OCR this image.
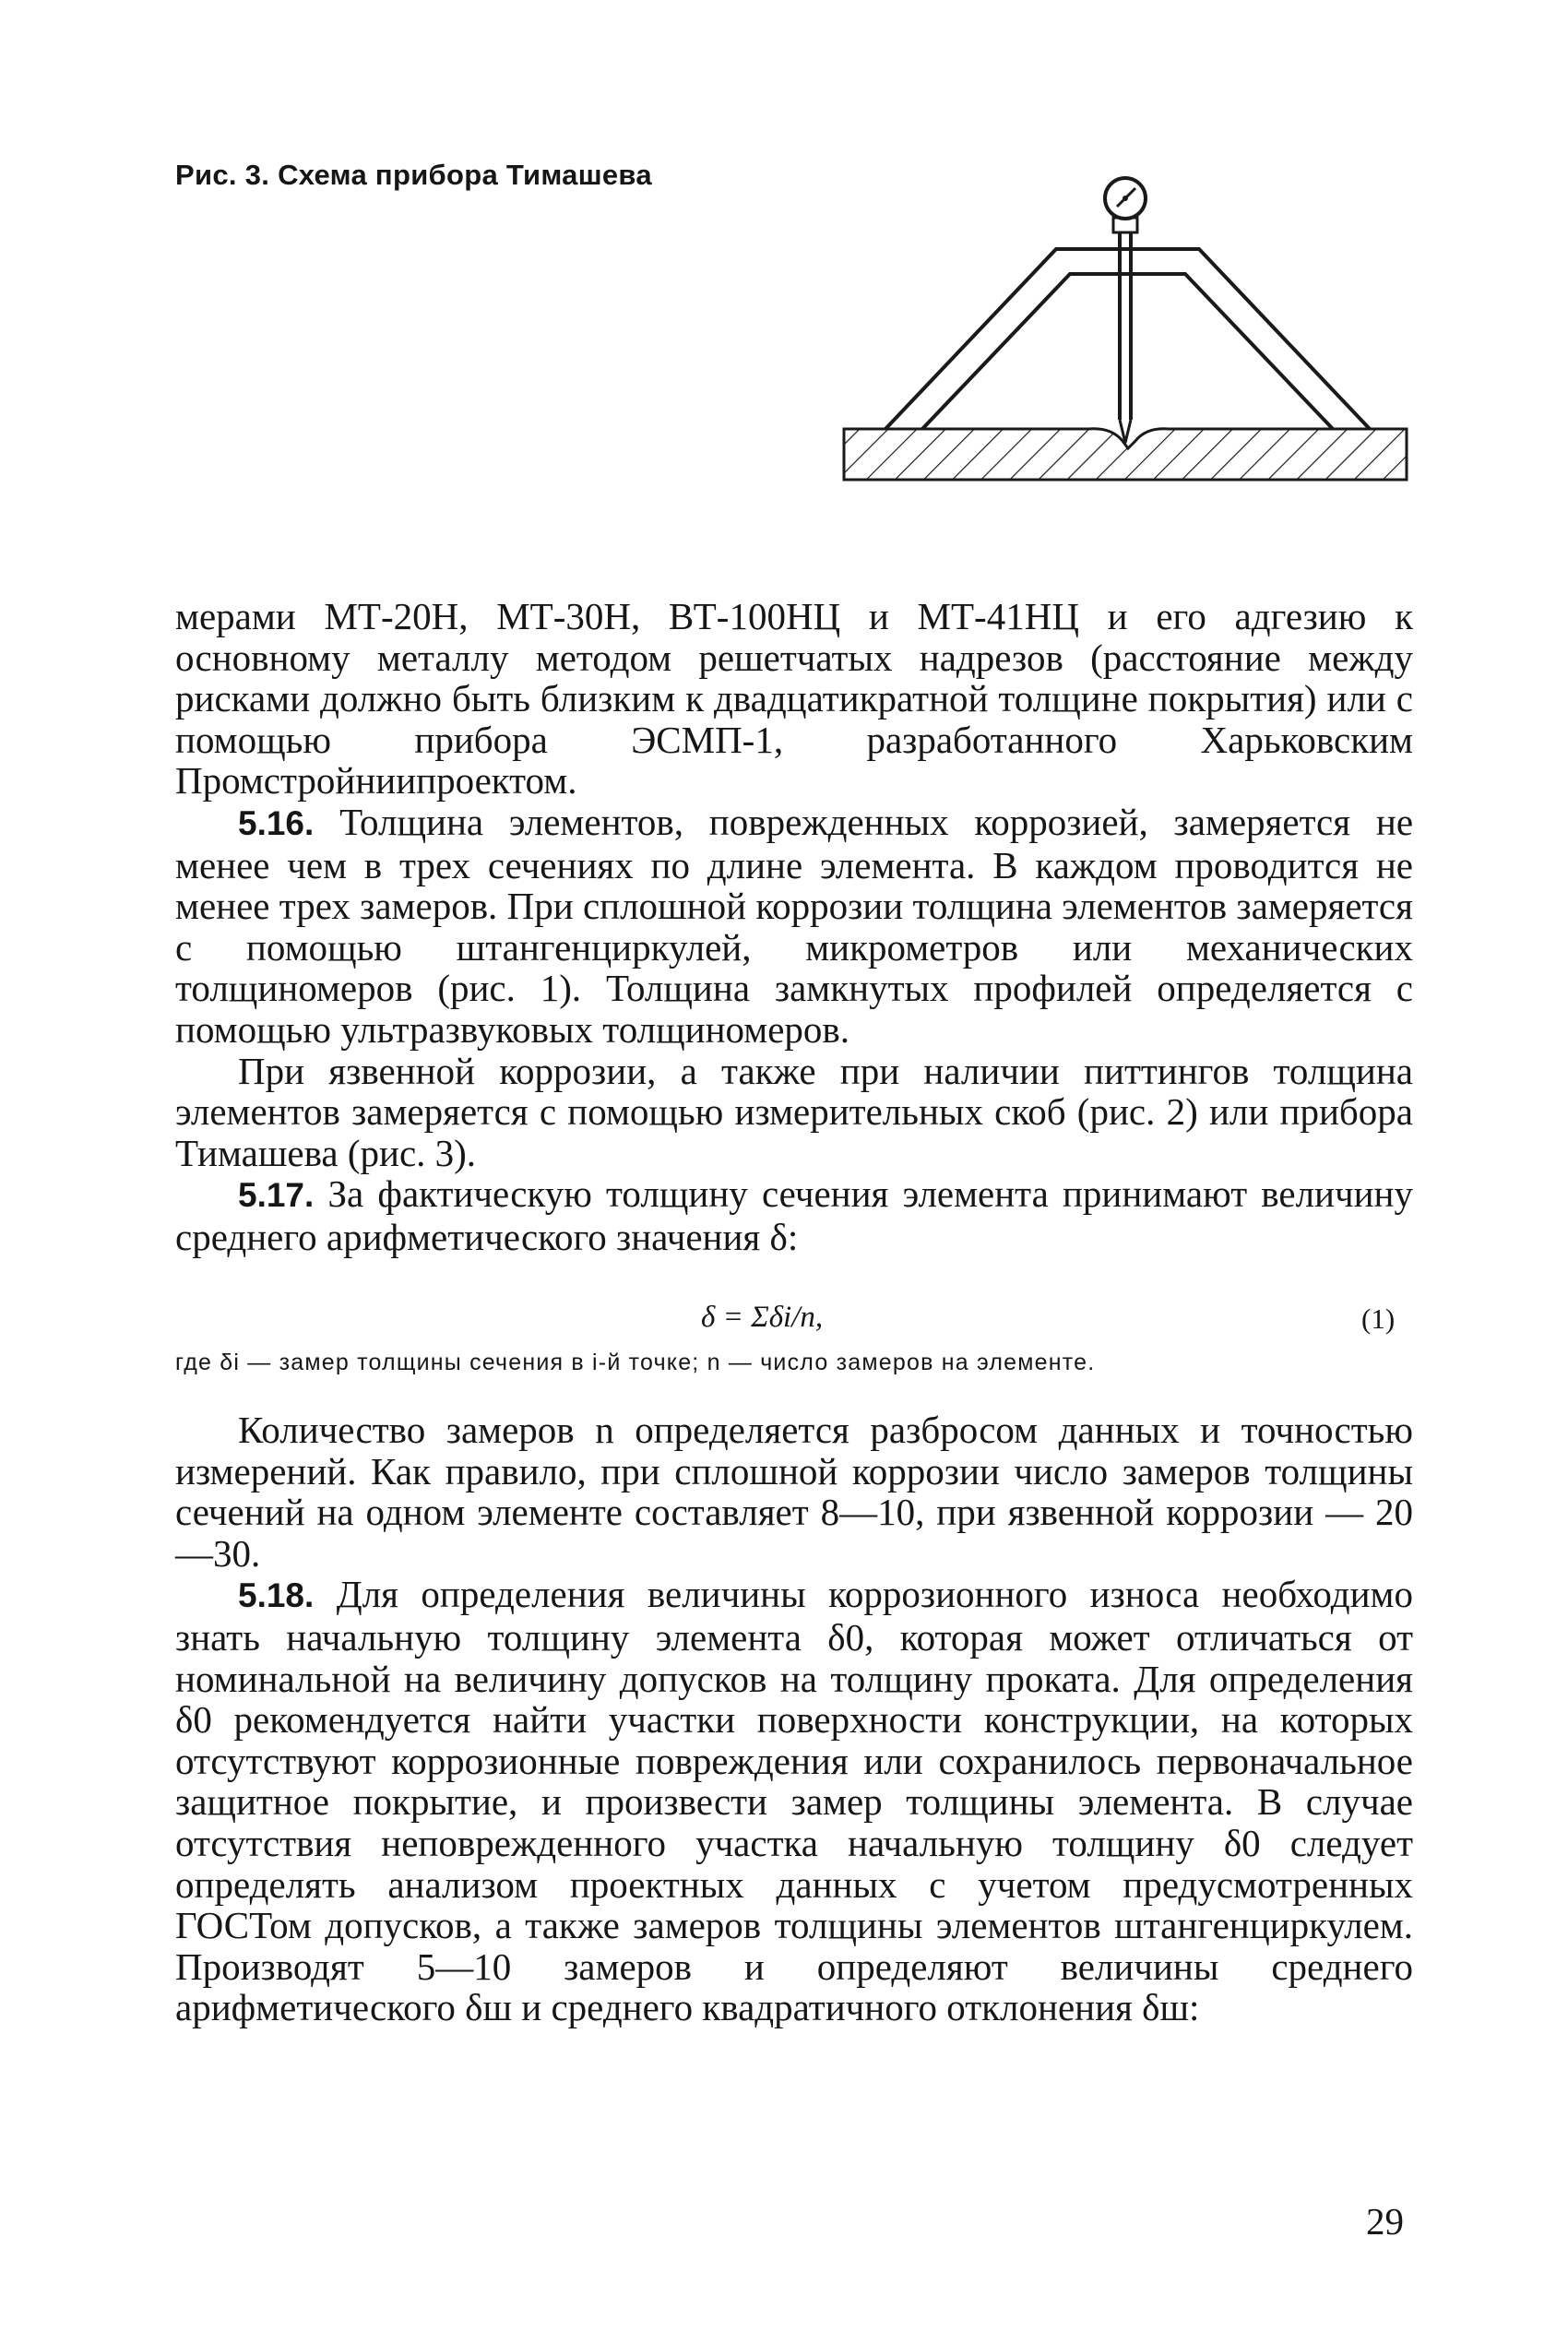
Рис. 3. Схема прибора Тимашева

мерами МТ-20Н, МТ-30Н, ВТ-100НЦ и МТ-41НЦ и его адгезию к основному металлу методом решетчатых надрезов (расстояние между рисками должно быть близким к двадцатикратной толщине покрытия) или с помощью прибора ЭСМП-1, разработанного Харьковским Промстройниипроектом.

5.16. Толщина элементов, поврежденных коррозией, замеряется не менее чем в трех сечениях по длине элемента. В каждом проводится не менее трех замеров. При сплошной коррозии толщина элементов замеряется с помощью штангенциркулей, микрометров или механических толщиномеров (рис. 1). Толщина замкнутых профилей определяется с помощью ультразвуковых толщиномеров.

При язвенной коррозии, а также при наличии питтингов толщина элементов замеряется с помощью измерительных скоб (рис. 2) или прибора Тимашева (рис. 3).

5.17. За фактическую толщину сечения элемента принимают величину среднего арифметического значения δ:

δ = Σδi/n,	(1)
где δi — замер толщины сечения в i-й точке; n — число замеров на элементе.

Количество замеров n определяется разбросом данных и точностью измерений. Как правило, при сплошной коррозии число замеров толщины сечений на одном элементе составляет 8—10, при язвенной коррозии — 20—30.

5.18. Для определения величины коррозионного износа необходимо знать начальную толщину элемента δ0, которая может отличаться от номинальной на величину допусков на толщину проката. Для определения δ0 рекомендуется найти участки поверхности конструкции, на которых отсутствуют коррозионные повреждения или сохранилось первоначальное защитное покрытие, и произвести замер толщины элемента. В случае отсутствия неповрежденного участка начальную толщину δ0 следует определять анализом проектных данных с учетом предусмотренных ГОСТом допусков, а также замеров толщины элементов штангенциркулем. Производят 5—10 замеров и определяют величины среднего арифметического δш и среднего квадратичного отклонения δш:

29
